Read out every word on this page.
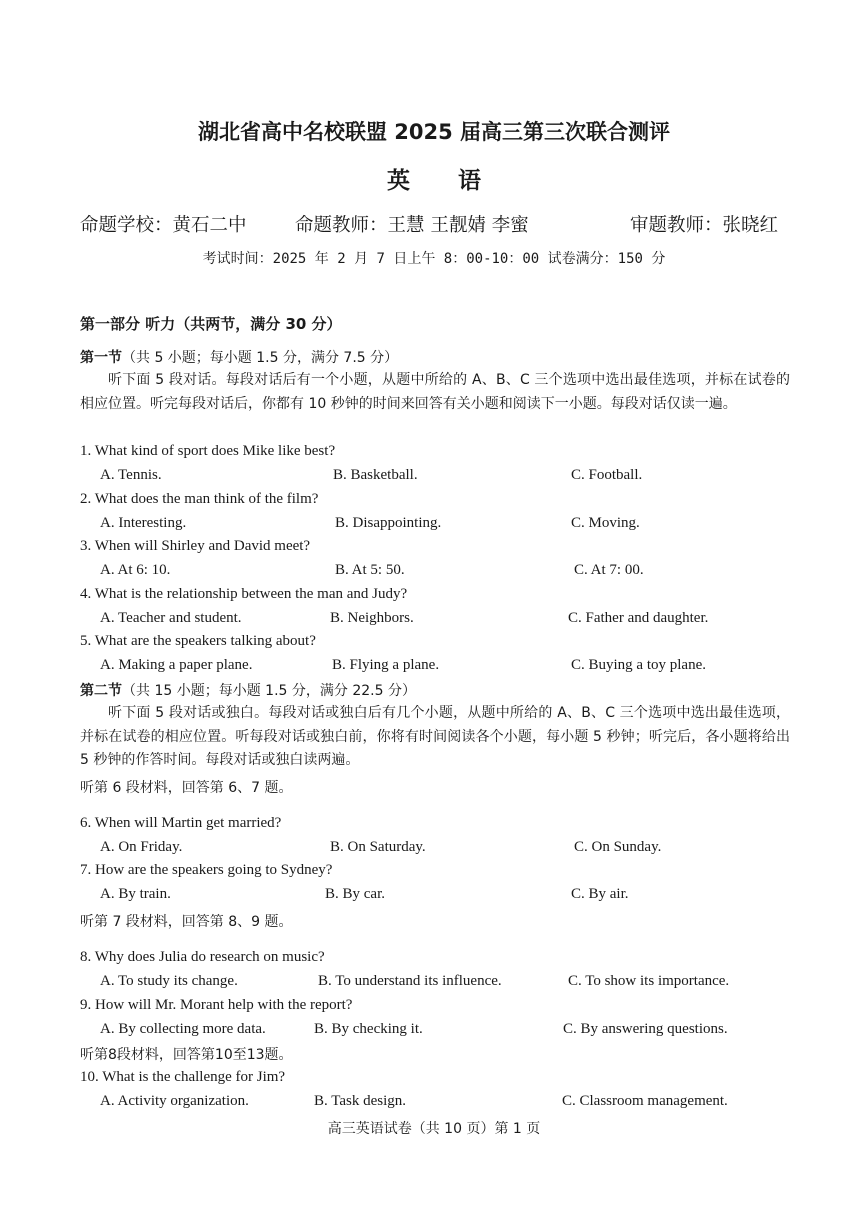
湖北省高中名校联盟 2025 届高三第三次联合测评
英 语
命题学校：黄石二中	命题教师：王慧 王靓婧 李蜜	审题教师：张晓红
考试时间：2025 年 2 月 7 日上午 8：00-10：00 试卷满分：150 分
第一部分 听力（共两节，满分 30 分）
第一节（共 5 小题；每小题 1.5 分，满分 7.5 分）
听下面 5 段对话。每段对话后有一个小题，从题中所给的 A、B、C 三个选项中选出最佳选项，并标在试卷的相应位置。听完每段对话后，你都有 10 秒钟的时间来回答有关小题和阅读下一小题。每段对话仅读一遍。
1. What kind of sport does Mike like best?
A. Tennis.	B. Basketball.	C. Football.
2. What does the man think of the film?
A. Interesting.	B. Disappointing.	C. Moving.
3. When will Shirley and David meet?
A. At 6: 10.	B. At 5: 50.	C. At 7: 00.
4. What is the relationship between the man and Judy?
A. Teacher and student.	B. Neighbors.	C. Father and daughter.
5. What are the speakers talking about?
A. Making a paper plane.	B. Flying a plane.	C. Buying a toy plane.
第二节（共 15 小题；每小题 1.5 分，满分 22.5 分）
听下面 5 段对话或独白。每段对话或独白后有几个小题，从题中所给的 A、B、C 三个选项中选出最佳选项，并标在试卷的相应位置。听每段对话或独白前，你将有时间阅读各个小题，每小题 5 秒钟；听完后，各小题将给出 5 秒钟的作答时间。每段对话或独白读两遍。
听第 6 段材料，回答第 6、7 题。
6. When will Martin get married?
A. On Friday.	B. On Saturday.	C. On Sunday.
7. How are the speakers going to Sydney?
A. By train.	B. By car.	C. By air.
听第 7 段材料，回答第 8、9 题。
8. Why does Julia do research on music?
A. To study its change.	B. To understand its influence.	C. To show its importance.
9. How will Mr. Morant help with the report?
A. By collecting more data.	B. By checking it.	C. By answering questions.
听第8段材料，回答第10至13题。
10. What is the challenge for Jim?
A. Activity organization.	B. Task design.	C. Classroom management.
高三英语试卷（共 10 页）第 1 页
